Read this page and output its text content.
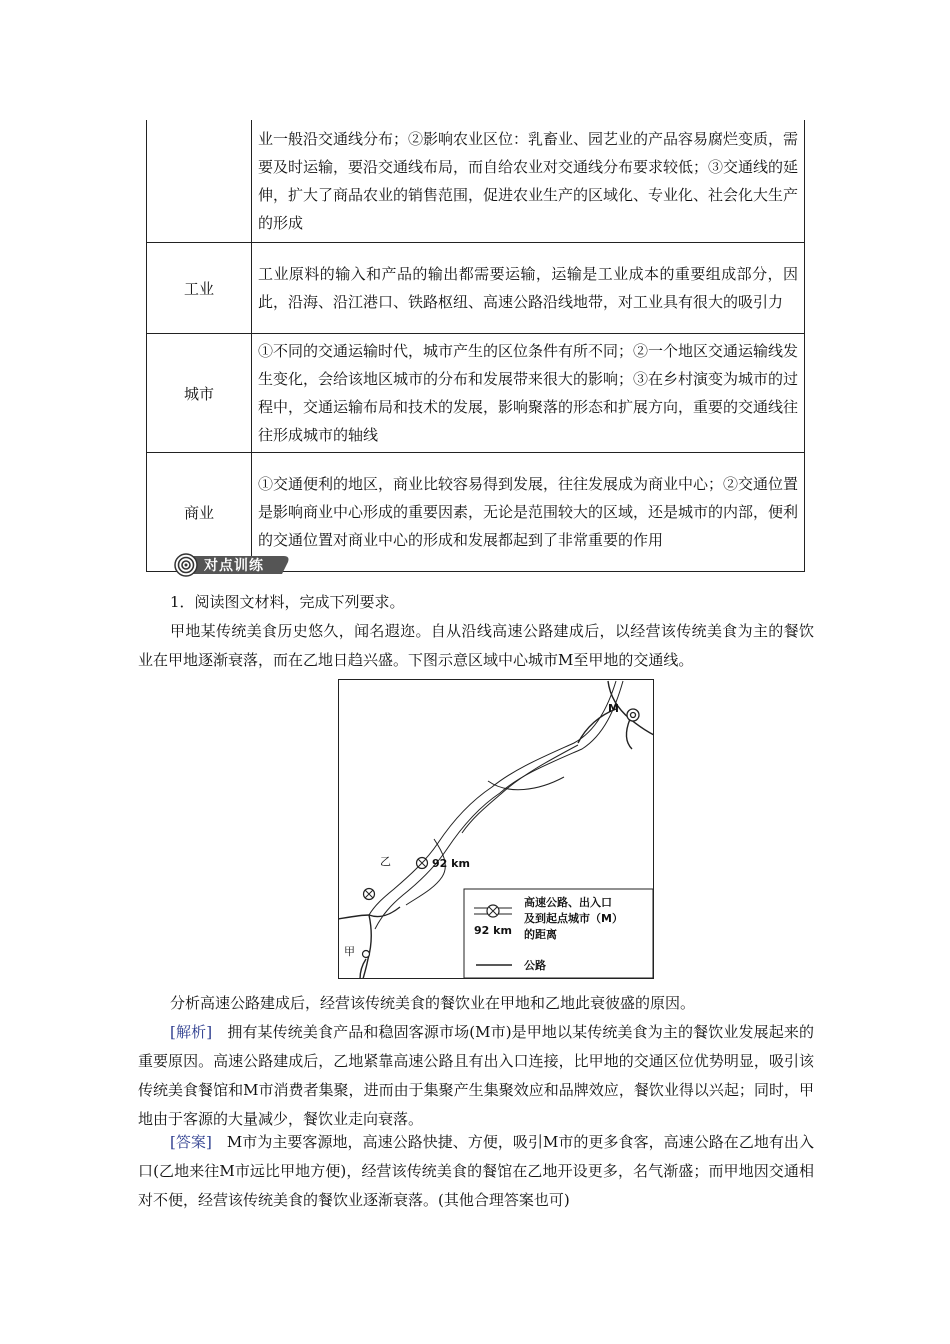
	业一般沿交通线分布；②影响农业区位：乳畜业、园艺业的产品容易腐烂变质，需要及时运输，要沿交通线布局，而自给农业对交通线分布要求较低；③交通线的延伸，扩大了商品农业的销售范围，促进农业生产的区域化、专业化、社会化大生产的形成
工业	工业原料的输入和产品的输出都需要运输，运输是工业成本的重要组成部分，因此，沿海、沿江港口、铁路枢纽、高速公路沿线地带，对工业具有很大的吸引力
城市	①不同的交通运输时代，城市产生的区位条件有所不同；②一个地区交通运输线发生变化，会给该地区城市的分布和发展带来很大的影响；③在乡村演变为城市的过程中，交通运输布局和技术的发展，影响聚落的形态和扩展方向，重要的交通线往往形成城市的轴线
商业	①交通便利的地区，商业比较容易得到发展，往往发展成为商业中心；②交通位置是影响商业中心形成的重要因素，无论是范围较大的区域，还是城市的内部，便利的交通位置对商业中心的形成和发展都起到了非常重要的作用
对点训练
1．阅读图文材料，完成下列要求。
甲地某传统美食历史悠久，闻名遐迩。自从沿线高速公路建成后，以经营该传统美食为主的餐饮业在甲地逐渐衰落，而在乙地日趋兴盛。下图示意区域中心城市M至甲地的交通线。
M
乙	92 km
甲
92 km
高速公路、出入口
及到起点城市（M）
的距离
公路
分析高速公路建成后，经营该传统美食的餐饮业在甲地和乙地此衰彼盛的原因。
[解析]　拥有某传统美食产品和稳固客源市场(M市)是甲地以某传统美食为主的餐饮业发展起来的重要原因。高速公路建成后，乙地紧靠高速公路且有出入口连接，比甲地的交通区位优势明显，吸引该传统美食餐馆和M市消费者集聚，进而由于集聚产生集聚效应和品牌效应，餐饮业得以兴起；同时，甲地由于客源的大量减少，餐饮业走向衰落。
[答案]　M市为主要客源地，高速公路快捷、方便，吸引M市的更多食客，高速公路在乙地有出入口(乙地来往M市远比甲地方便)，经营该传统美食的餐馆在乙地开设更多，名气渐盛；而甲地因交通相对不便，经营该传统美食的餐饮业逐渐衰落。(其他合理答案也可)
